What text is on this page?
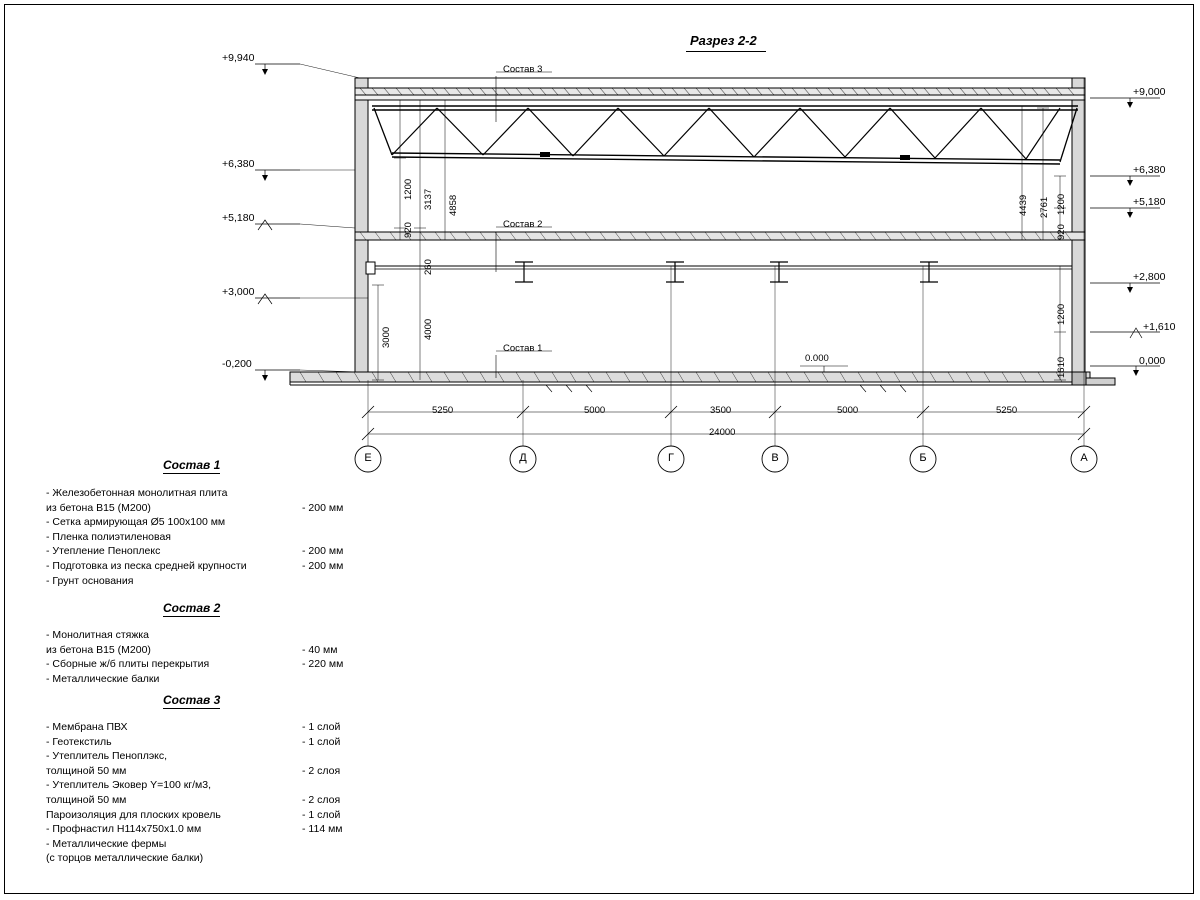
Разрез 2-2
+9,940
+6,380
+5,180
+3,000
-0,200
+9,000
+6,380
+5,180
+2,800
+1,610
0,000
0.000
1200
920
3137 4858
260
4000
3000
4439 2761 1200
920
1200
1610
5250	5000	3500	5000	5250
24000
Е	Д	Г	В	Б	А
Состав 3
Состав 2
Состав 1
Состав 1
- Железобетонная монолитная плита
из бетона В15 (М200)	- 200 мм
- Сетка армирующая Ø5 100x100 мм
- Пленка полиэтиленовая
- Утепление Пеноплекс	- 200 мм
- Подготовка из песка средней крупности	- 200 мм
- Грунт основания
Состав 2
- Монолитная стяжка
из бетона В15 (М200)	- 40 мм
- Сборные ж/б плиты перекрытия	- 220 мм
- Металлические балки
Состав 3
- Мембрана ПВХ	- 1 слой
- Геотекстиль	- 1 слой
- Утеплитель Пеноплэкс,
толщиной 50 мм	- 2 слоя
- Утеплитель Эковер Y=100 кг/м3,
толщиной 50 мм	- 2 слоя
Пароизоляция для плоских кровель	- 1 слой
- Профнастил Н114х750х1.0 мм	- 114 мм
- Металлические фермы
(с торцов металлические балки)
